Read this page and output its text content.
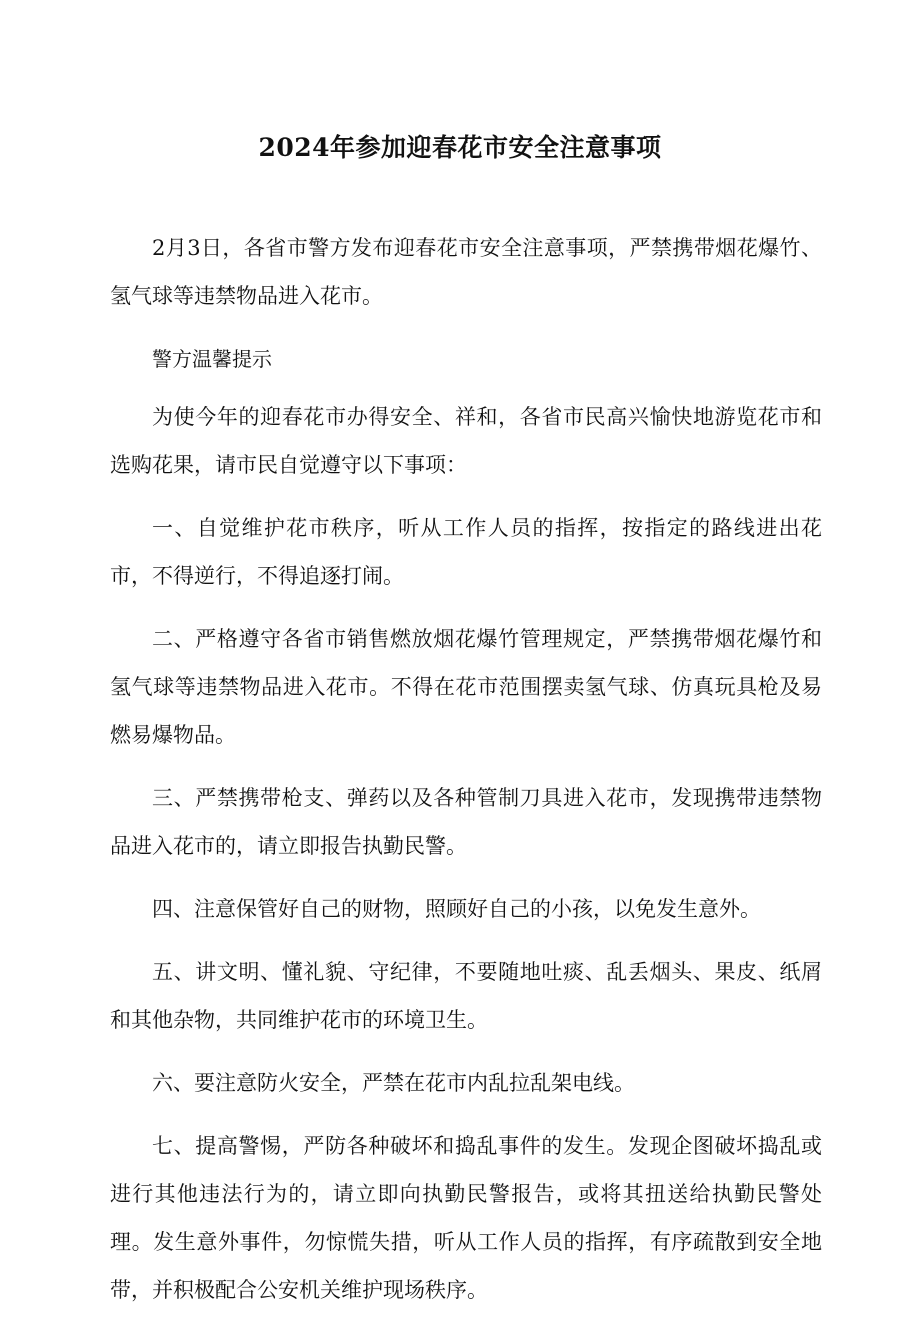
2024年参加迎春花市安全注意事项

2月3日，各省市警方发布迎春花市安全注意事项，严禁携带烟花爆竹、氢气球等违禁物品进入花市。

警方温馨提示

为使今年的迎春花市办得安全、祥和，各省市民高兴愉快地游览花市和选购花果，请市民自觉遵守以下事项：

一、自觉维护花市秩序，听从工作人员的指挥，按指定的路线进出花市，不得逆行，不得追逐打闹。

二、严格遵守各省市销售燃放烟花爆竹管理规定，严禁携带烟花爆竹和氢气球等违禁物品进入花市。不得在花市范围摆卖氢气球、仿真玩具枪及易燃易爆物品。

三、严禁携带枪支、弹药以及各种管制刀具进入花市，发现携带违禁物品进入花市的，请立即报告执勤民警。

四、注意保管好自己的财物，照顾好自己的小孩，以免发生意外。

五、讲文明、懂礼貌、守纪律，不要随地吐痰、乱丢烟头、果皮、纸屑和其他杂物，共同维护花市的环境卫生。

六、要注意防火安全，严禁在花市内乱拉乱架电线。

七、提高警惕，严防各种破坏和捣乱事件的发生。发现企图破坏捣乱或进行其他违法行为的，请立即向执勤民警报告，或将其扭送给执勤民警处理。发生意外事件，勿惊慌失措，听从工作人员的指挥，有序疏散到安全地带，并积极配合公安机关维护现场秩序。
